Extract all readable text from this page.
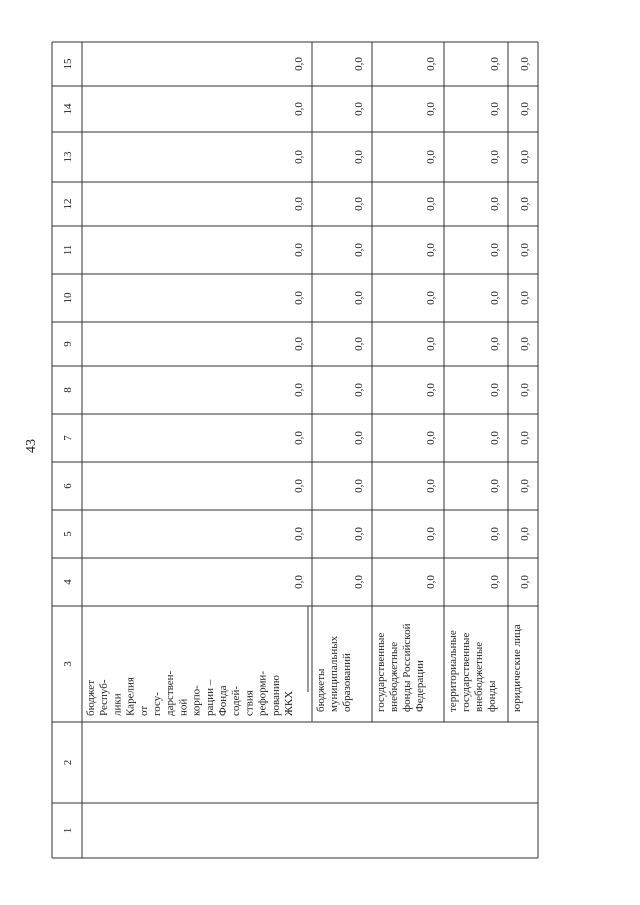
43
1
2
3
4
5
6
7
8
9
10
11
12
13
14
15
бюджет Респуб- лики Карелия от госу- дарствен- ной корпо- рации – Фонда содей- ствия реформи- рованию ЖКХ бюджеты муниципальных образований государственные внебюджетные фонды Российской Федерации территориальные государственные внебюджетные фонды юридические лица
0,0
0,0
0,0
0,0
0,0
0,0
0,0
0,0
0,0
0,0
0,0
0,0
0,0
0,0
0,0
0,0
0,0
0,0
0,0
0,0
0,0
0,0
0,0
0,0
0,0
0,0
0,0
0,0
0,0
0,0
0,0
0,0
0,0
0,0
0,0
0,0
0,0
0,0
0,0
0,0
0,0
0,0
0,0
0,0
0,0
0,0
0,0
0,0
0,0
0,0
0,0
0,0
0,0
0,0
0,0
0,0
0,0
0,0
0,0
0,0
